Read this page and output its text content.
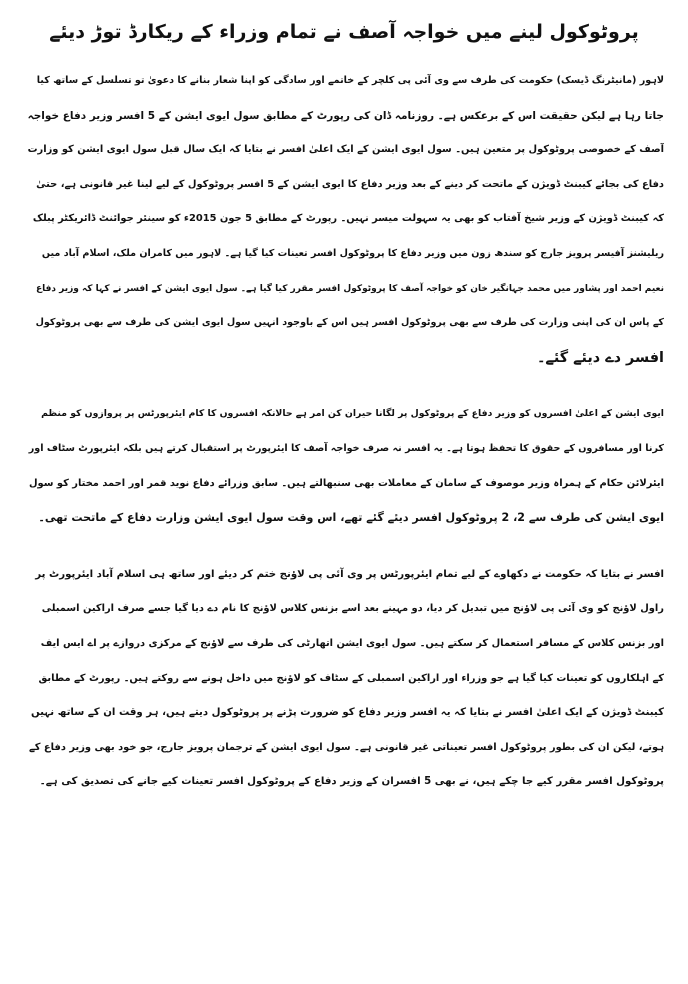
پروٹوکول لینے میں خواجہ آصف نے تمام وزراء کے ریکارڈ توڑ دیئے
لاہور (مانیٹرنگ ڈیسک) حکومت کی طرف سے وی آئی پی کلچر کے خاتمے اور سادگی کو اپنا شعار بنانے کا دعویٰ تو تسلسل کے ساتھ کیا
جاتا رہا ہے لیکن حقیقت اس کے برعکس ہے۔ روزنامہ ڈان کی رپورٹ کے مطابق سول ایوی ایشن کے 5 افسر وزیر دفاع خواجہ
آصف کے خصوصی پروٹوکول پر متعین ہیں۔ سول ایوی ایشن کے ایک اعلیٰ افسر نے بتایا کہ ایک سال قبل سول ایوی ایشن کو وزارت
دفاع کی بجائے کیبنٹ ڈویژن کے ماتحت کر دینے کے بعد وزیر دفاع کا ایوی ایشن کے 5 افسر پروٹوکول کے لیے لینا غیر قانونی ہے، حتیٰ
کہ کیبنٹ ڈویژن کے وزیر شیخ آفتاب کو بھی یہ سہولت میسر نہیں۔ رپورٹ کے مطابق 5 جون 2015ء کو سینئر جوائنٹ ڈائریکٹر پبلک
ریلیشنز آفیسر پرویز جارج کو سندھ زون میں وزیر دفاع کا پروٹوکول افسر تعینات کیا گیا ہے۔ لاہور میں کامران ملک، اسلام آباد میں
نعیم احمد اور پشاور میں محمد جہانگیر خان کو خواجہ آصف کا پروٹوکول افسر مقرر کیا گیا ہے۔ سول ایوی ایشن کے افسر نے کہا کہ وزیر دفاع
کے پاس ان کی اپنی وزارت کی طرف سے بھی پروٹوکول افسر ہیں اس کے باوجود انہیں سول ایوی ایشن کی طرف سے بھی پروٹوکول
افسر دے دیئے گئے۔
ایوی ایشن کے اعلیٰ افسروں کو وزیر دفاع کے پروٹوکول پر لگانا حیران کن امر ہے حالانکہ افسروں کا کام ایئرپورٹس پر پروازوں کو منظم
کرنا اور مسافروں کے حقوق کا تحفظ ہوتا ہے۔ یہ افسر نہ صرف خواجہ آصف کا ایئرپورٹ پر استقبال کرتے ہیں بلکہ ایئرپورٹ سٹاف اور
ایئرلائن حکام کے ہمراہ وزیر موصوف کے سامان کے معاملات بھی سنبھالتے ہیں۔ سابق وزرائے دفاع نوید قمر اور احمد مختار کو سول
ایوی ایشن کی طرف سے 2، 2 پروٹوکول افسر دیئے گئے تھے، اس وقت سول ایوی ایشن وزارت دفاع کے ماتحت تھی۔
افسر نے بتایا کہ حکومت نے دکھاوے کے لیے تمام ایئرپورٹس پر وی آئی پی لاؤنج ختم کر دیئے اور ساتھ ہی اسلام آباد ایئرپورٹ پر
راول لاؤنج کو وی آئی پی لاؤنج میں تبدیل کر دیا، دو مہینے بعد اسے بزنس کلاس لاؤنج کا نام دے دیا گیا جسے صرف اراکین اسمبلی
اور بزنس کلاس کے مسافر استعمال کر سکتے ہیں۔ سول ایوی ایشن اتھارٹی کی طرف سے لاؤنج کے مرکزی دروازے پر اے ایس ایف
کے اہلکاروں کو تعینات کیا گیا ہے جو وزراء اور اراکین اسمبلی کے سٹاف کو لاؤنج میں داخل ہونے سے روکتے ہیں۔ رپورٹ کے مطابق
کیبنٹ ڈویژن کے ایک اعلیٰ افسر نے بتایا کہ یہ افسر وزیر دفاع کو ضرورت پڑنے پر پروٹوکول دیتے ہیں، ہر وقت ان کے ساتھ نہیں
ہوتے، لیکن ان کی بطور پروٹوکول افسر تعیناتی غیر قانونی ہے۔ سول ایوی ایشن کے ترجمان پرویز جارج، جو خود بھی وزیر دفاع کے
پروٹوکول افسر مقرر کیے جا چکے ہیں، نے بھی 5 افسران کے وزیر دفاع کے پروٹوکول افسر تعینات کیے جانے کی تصدیق کی ہے۔
